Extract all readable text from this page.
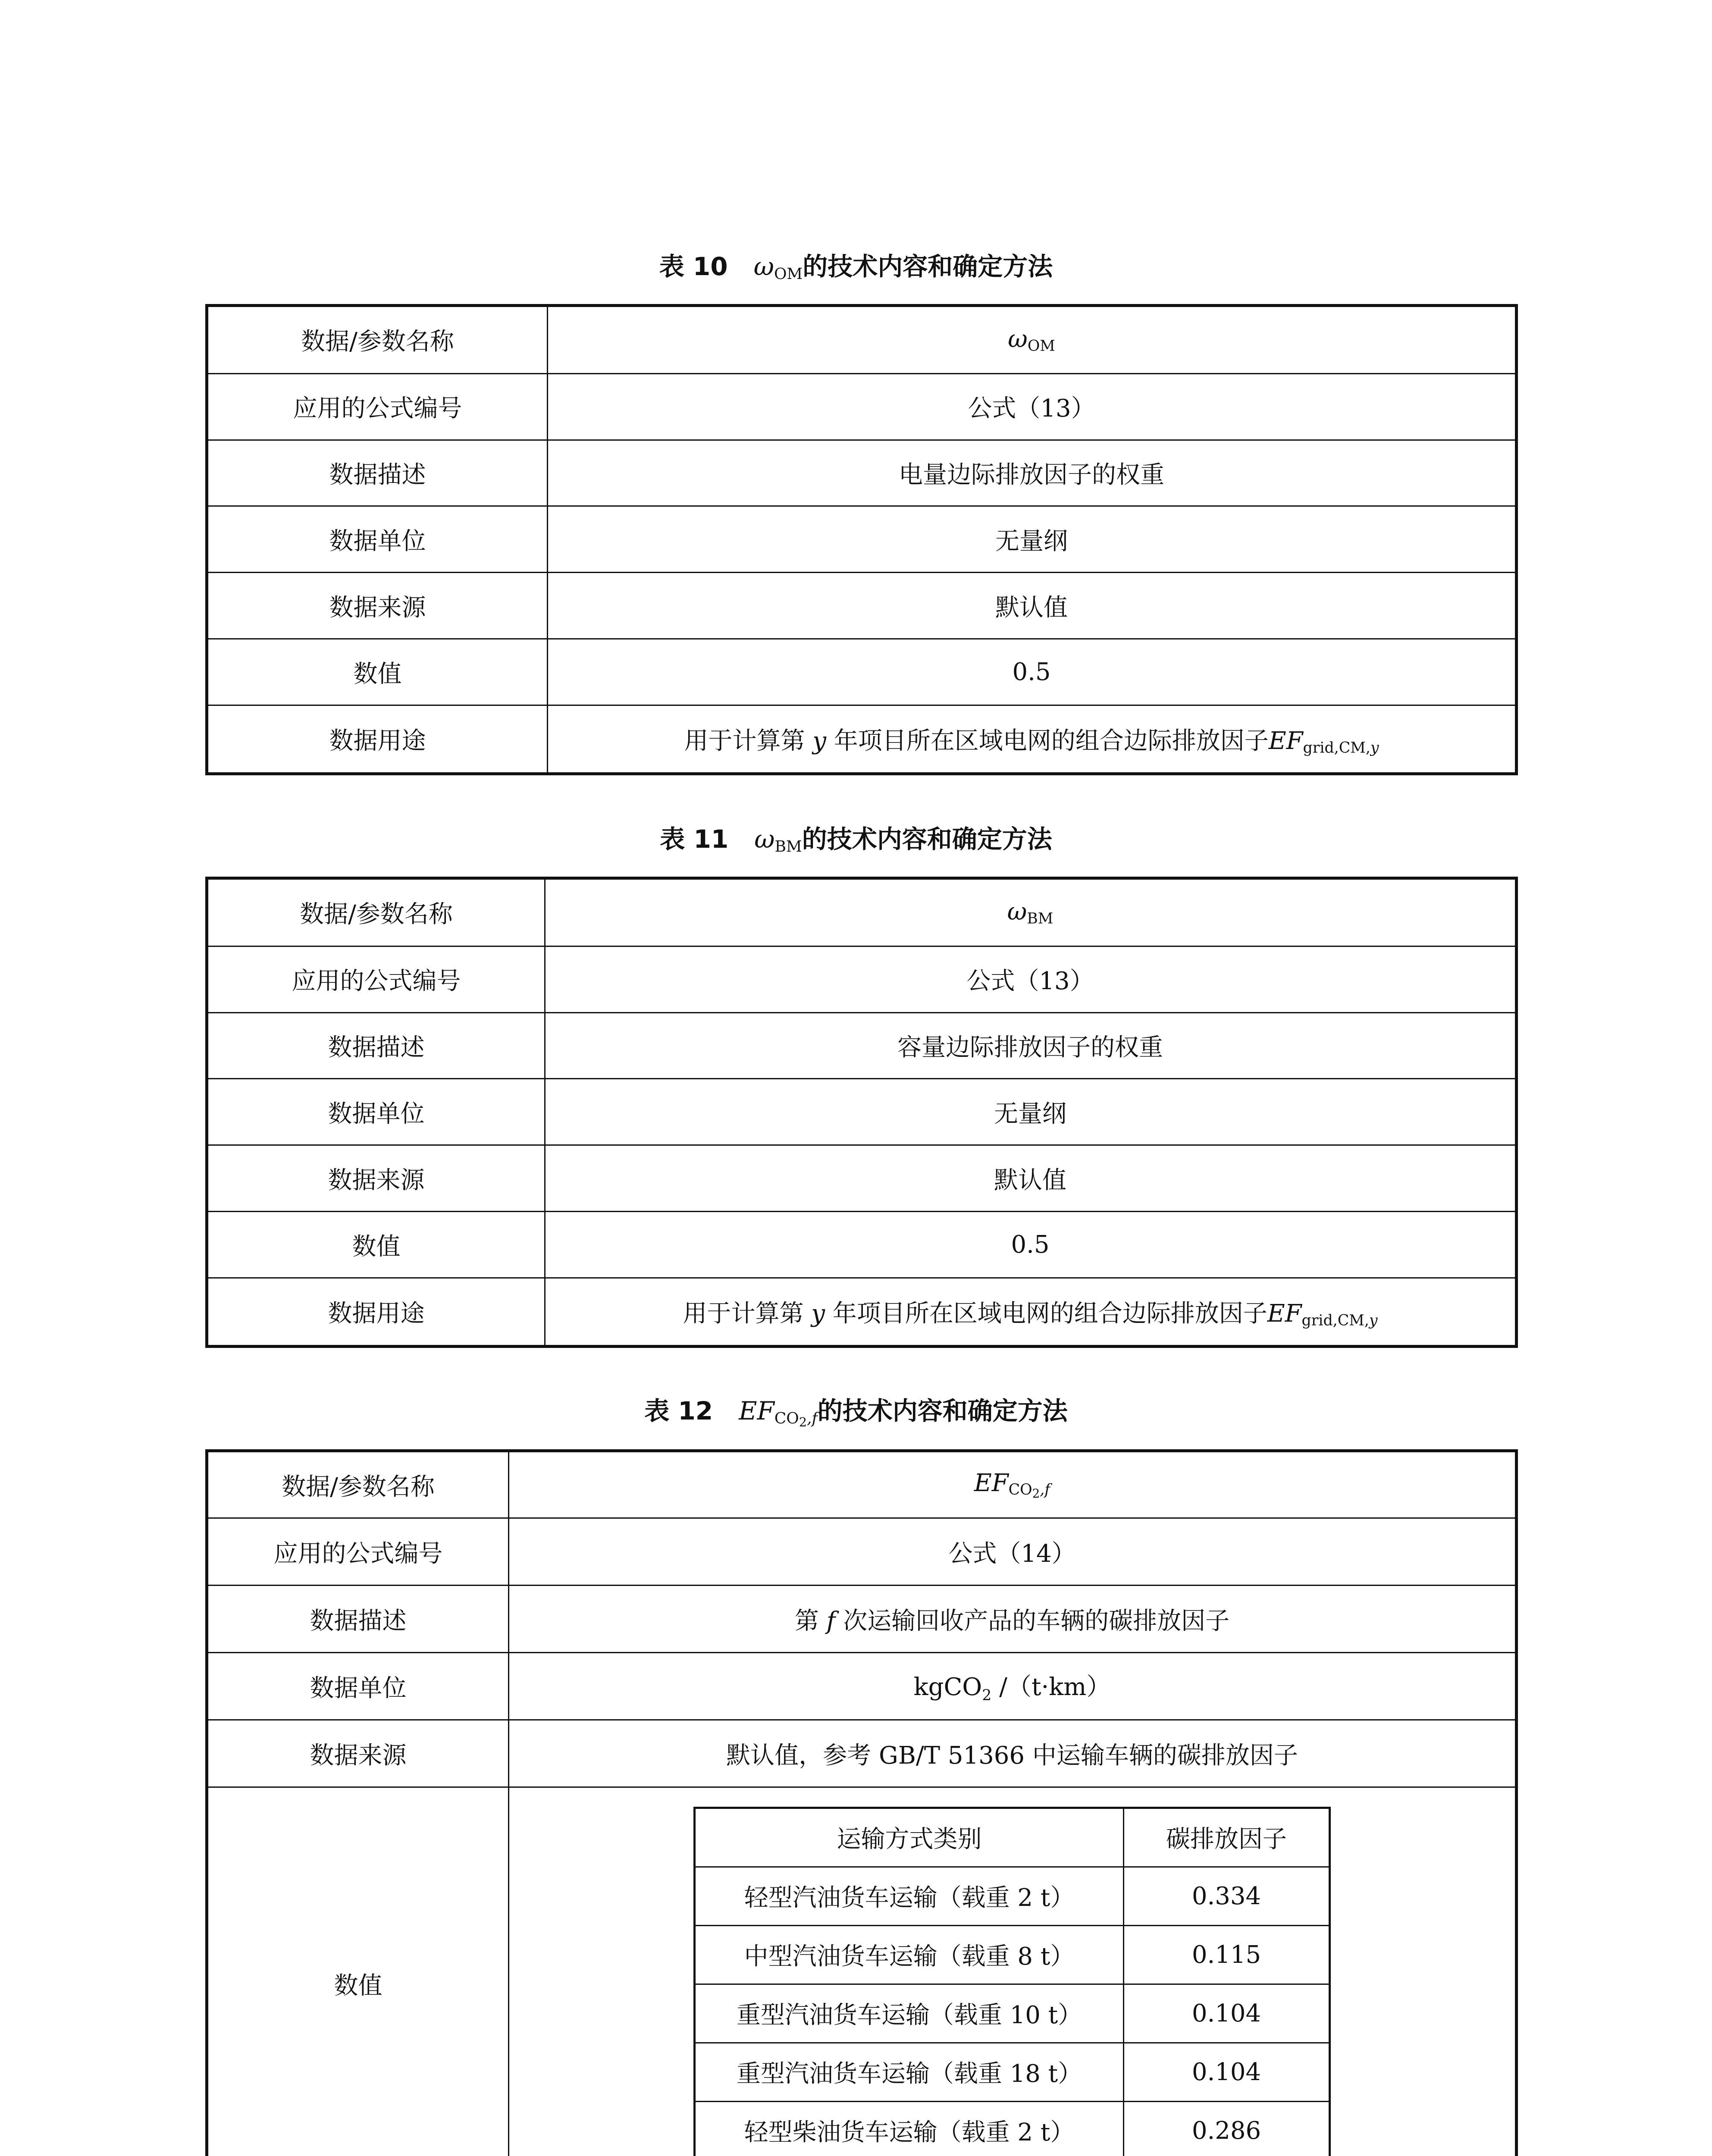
表 10 $\omega_{OM}$的技术内容和确定方法
数据/参数名称	$\omega_{OM}$
应用的公式编号	公式（13）
数据描述	电量边际排放因子的权重
数据单位	无量纲
数据来源	默认值
数值	0.5
数据用途	用于计算第 y 年项目所在区域电网的组合边际排放因子$EF_{grid,CM,y}$
表 11 $\omega_{BM}$的技术内容和确定方法
数据/参数名称	$\omega_{BM}$
应用的公式编号	公式（13）
数据描述	容量边际排放因子的权重
数据单位	无量纲
数据来源	默认值
数值	0.5
数据用途	用于计算第 y 年项目所在区域电网的组合边际排放因子$EF_{grid,CM,y}$
表 12 $EF_{CO_2,f}$的技术内容和确定方法
数据/参数名称	$EF_{CO_2,f}$
应用的公式编号	公式（14）
数据描述	第 f 次运输回收产品的车辆的碳排放因子
数据单位	kgCO$_2$ /（t·km）
数据来源	默认值，参考 GB/T 51366 中运输车辆的碳排放因子
数值	
运输方式类别	碳排放因子
轻型汽油货车运输（载重 2 t）	0.334
中型汽油货车运输（载重 8 t）	0.115
重型汽油货车运输（载重 10 t）	0.104
重型汽油货车运输（载重 18 t）	0.104
轻型柴油货车运输（载重 2 t）	0.286
